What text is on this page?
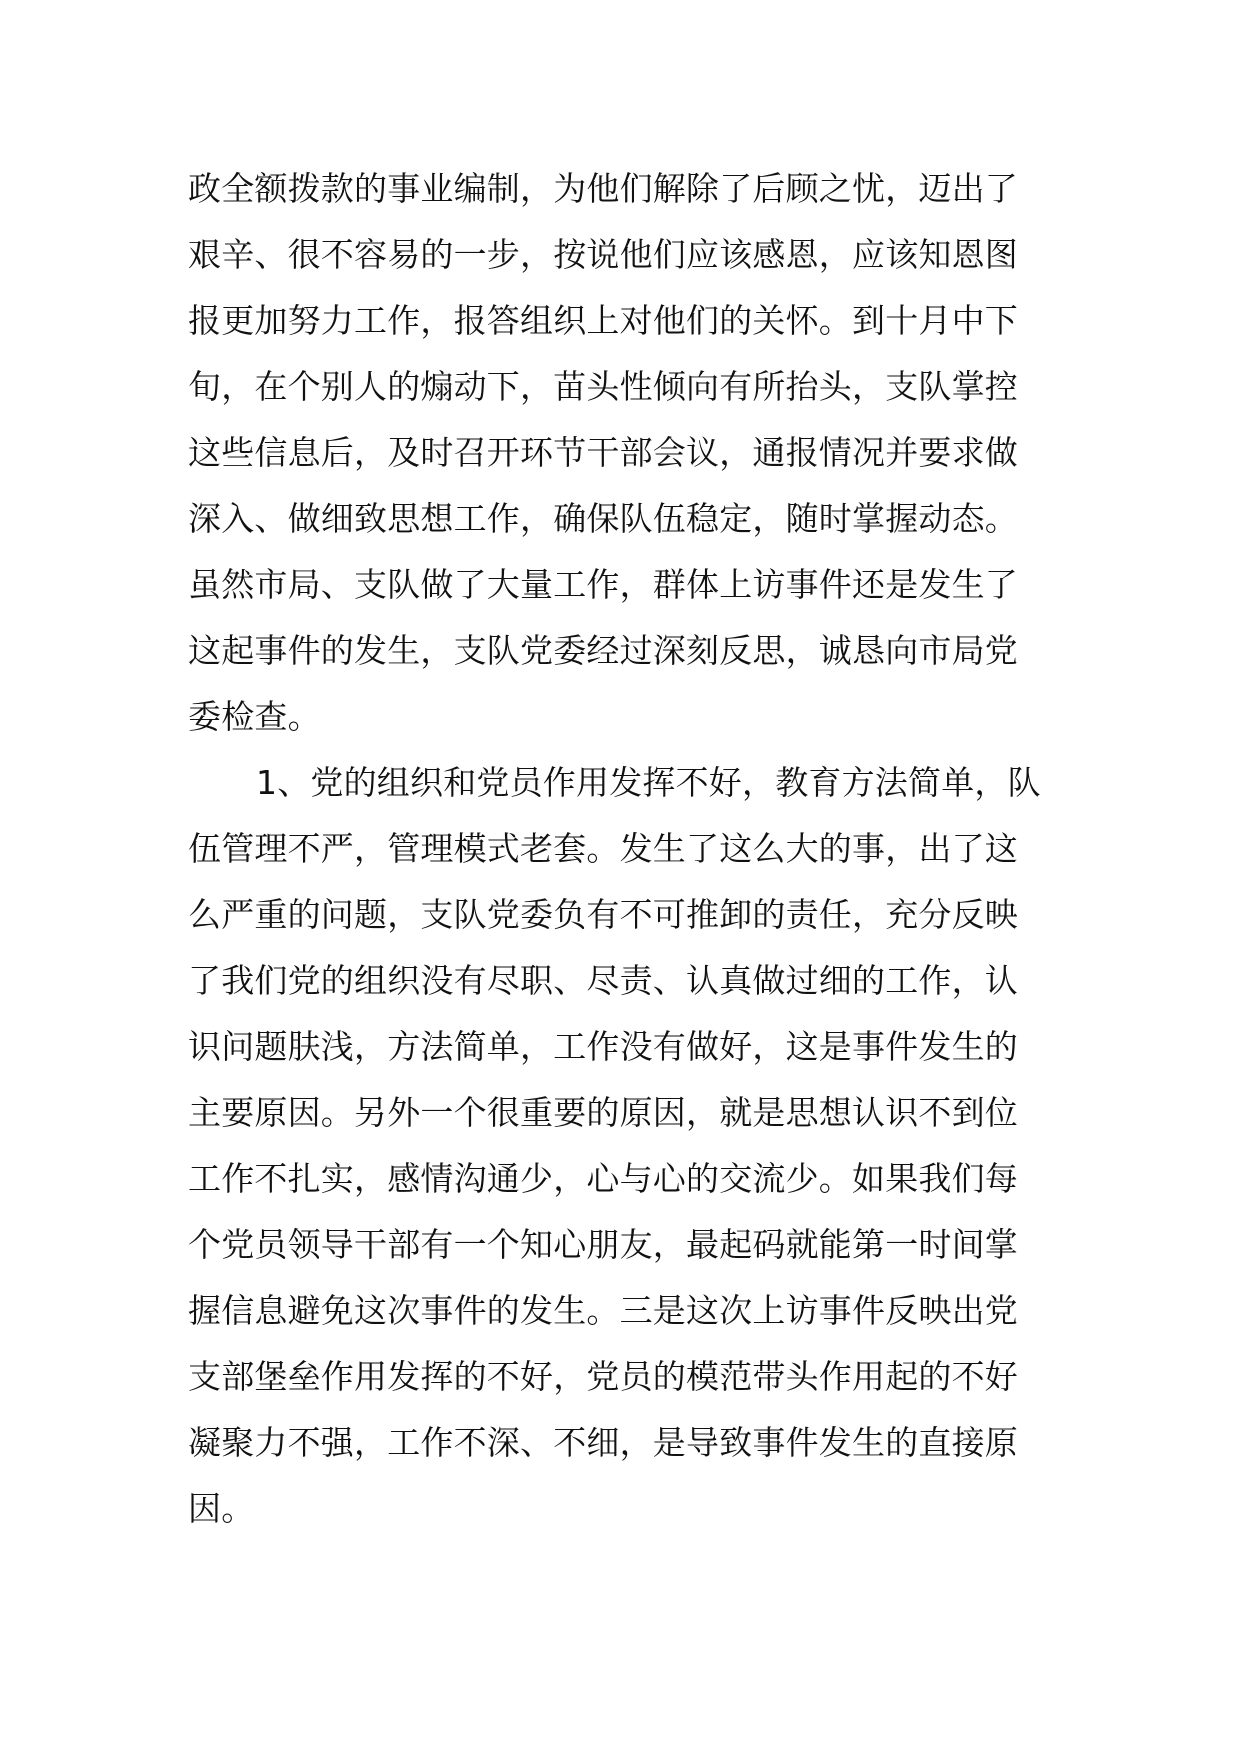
政全额拨款的事业编制，为他们解除了后顾之忧，迈出了
艰辛、很不容易的一步，按说他们应该感恩，应该知恩图
报更加努力工作，报答组织上对他们的关怀。到十月中下
旬，在个别人的煽动下，苗头性倾向有所抬头，支队掌控
这些信息后，及时召开环节干部会议，通报情况并要求做
深入、做细致思想工作，确保队伍稳定，随时掌握动态。
虽然市局、支队做了大量工作，群体上访事件还是发生了
这起事件的发生，支队党委经过深刻反思，诚恳向市局党
委检查。
1、党的组织和党员作用发挥不好，教育方法简单，队
伍管理不严，管理模式老套。发生了这么大的事，出了这
么严重的问题，支队党委负有不可推卸的责任，充分反映
了我们党的组织没有尽职、尽责、认真做过细的工作，认
识问题肤浅，方法简单，工作没有做好，这是事件发生的
主要原因。另外一个很重要的原因，就是思想认识不到位
工作不扎实，感情沟通少，心与心的交流少。如果我们每
个党员领导干部有一个知心朋友，最起码就能第一时间掌
握信息避免这次事件的发生。三是这次上访事件反映出党
支部堡垒作用发挥的不好，党员的模范带头作用起的不好
凝聚力不强，工作不深、不细，是导致事件发生的直接原
因。
